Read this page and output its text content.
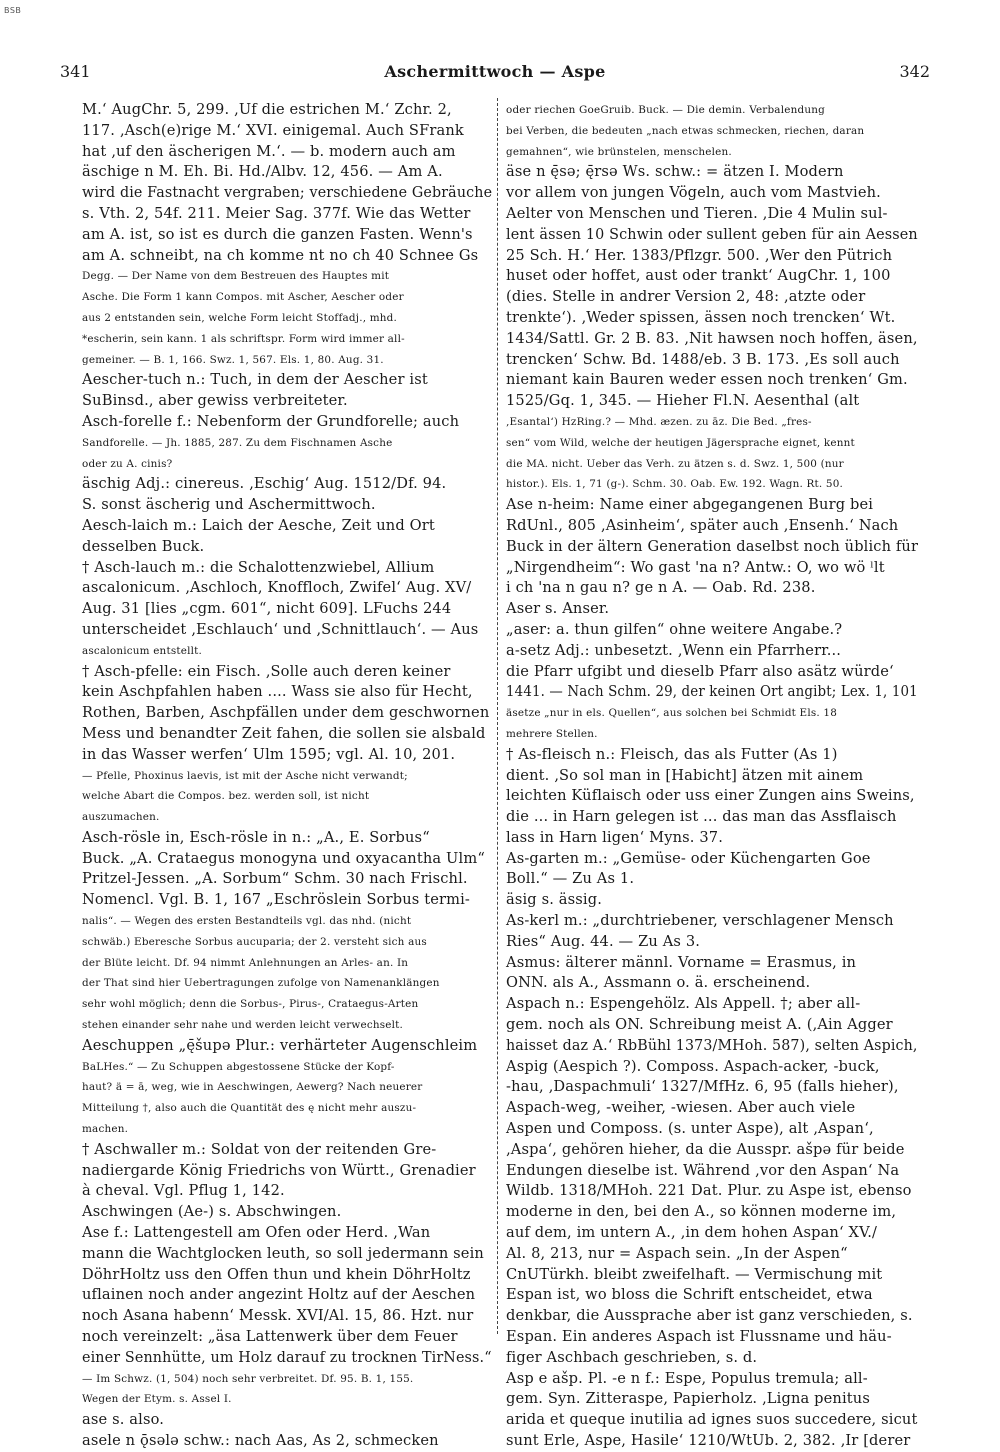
BSB
341	Aschermittwoch — Aspe	342
M.‘ AugChr. 5, 299. ‚Uf die estrichen M.‘ Zchr. 2,
117. ‚Asch(e)rige M.‘ XVI. einigemal. Auch SFrank
hat ‚uf den äscherigen M.‘. — b. modern auch am
äschige n M. Eh. Bi. Hd./Albv. 12, 456. — Am A.
wird die Fastnacht vergraben; verschiedene Gebräuche
s. Vth. 2, 54f. 211. Meier Sag. 377f. Wie das Wetter
am A. ist, so ist es durch die ganzen Fasten. Wenn's
am A. schneibt, na ch komme nt no ch 40 Schnee Gs
Degg. — Der Name von dem Bestreuen des Hauptes mit
Asche. Die Form 1 kann Compos. mit Ascher, Aescher oder
aus 2 entstanden sein, welche Form leicht Stoffadj., mhd.
*escherin, sein kann. 1 als schriftspr. Form wird immer all-
gemeiner. — B. 1, 166. Swz. 1, 567. Els. 1, 80. Aug. 31.
Aescher-tuch n.: Tuch, in dem der Aescher ist
SuBinsd., aber gewiss verbreiteter.
Asch-forelle f.: Nebenform der Grundforelle; auch
Sandforelle. — Jh. 1885, 287. Zu dem Fischnamen Asche
oder zu A. cinis?
äschig Adj.: cinereus. ‚Eschig‘ Aug. 1512/Df. 94.
S. sonst äscherig und Aschermittwoch.
Aesch-laich m.: Laich der Aesche, Zeit und Ort
desselben Buck.
† Asch-lauch m.: die Schalottenzwiebel, Allium
ascalonicum. ‚Aschloch, Knoffloch, Zwifel‘ Aug. XV/
Aug. 31 [lies „cgm. 601“, nicht 609]. LFuchs 244
unterscheidet ‚Eschlauch‘ und ‚Schnittlauch‘. — Aus
ascalonicum entstellt.
† Asch-pfelle: ein Fisch. ‚Solle auch deren keiner
kein Aschpfahlen haben .... Wass sie also für Hecht,
Rothen, Barben, Aschpfällen under dem geschwornen
Mess und benandter Zeit fahen, die sollen sie alsbald
in das Wasser werfen‘ Ulm 1595; vgl. Al. 10, 201.
— Pfelle, Phoxinus laevis, ist mit der Asche nicht verwandt;
welche Abart die Compos. bez. werden soll, ist nicht
auszumachen.
Asch-rösle in, Esch-rösle in n.: „A., E. Sorbus“
Buck. „A. Crataegus monogyna und oxyacantha Ulm“
Pritzel-Jessen. „A. Sorbum“ Schm. 30 nach Frischl.
Nomencl. Vgl. B. 1, 167 „Eschröslein Sorbus termi-
nalis“. — Wegen des ersten Bestandteils vgl. das nhd. (nicht
schwäb.) Eberesche Sorbus aucuparia; der 2. versteht sich aus
der Blüte leicht. Df. 94 nimmt Anlehnungen an Arles- an. In
der That sind hier Uebertragungen zufolge von Namenanklängen
sehr wohl möglich; denn die Sorbus-, Pirus-, Crataegus-Arten
stehen einander sehr nahe und werden leicht verwechselt.
Aeschuppen „ę̄šupə Plur.: verhärteter Augenschleim
BaLHes.“ — Zu Schuppen abgestossene Stücke der Kopf-
haut? ä = ā, weg, wie in Aeschwingen, Aewerg? Nach neuerer
Mitteilung †, also auch die Quantität des ę nicht mehr auszu-
machen.
† Aschwaller m.: Soldat von der reitenden Gre-
nadiergarde König Friedrichs von Württ., Grenadier
à cheval. Vgl. Pflug 1, 142.
Aschwingen (Ae-) s. Abschwingen.
Ase f.: Lattengestell am Ofen oder Herd. ‚Wan
mann die Wachtglocken leuth, so soll jedermann sein
DöhrHoltz uss den Offen thun und khein DöhrHoltz
uflainen noch ander angezint Holtz auf der Aeschen
noch Asana habenn‘ Messk. XVI/Al. 15, 86. Hzt. nur
noch vereinzelt: „äsa Lattenwerk über dem Feuer
einer Sennhütte, um Holz darauf zu trocknen TirNess.“
— Im Schwz. (1, 504) noch sehr verbreitet. Df. 95. B. 1, 155.
Wegen der Etym. s. Assel I.
ase s. also.
asele n ǭsələ schw.: nach Aas, As 2, schmecken
oder riechen GoeGruib. Buck. — Die demin. Verbalendung
bei Verben, die bedeuten „nach etwas schmecken, riechen, daran
gemahnen“, wie brünstelen, menschelen.
äse n ę̄sə; ę̄rsə Ws. schw.: = ätzen I. Modern
vor allem von jungen Vögeln, auch vom Mastvieh.
Aelter von Menschen und Tieren. ‚Die 4 Mulin sul-
lent ässen 10 Schwin oder sullent geben für ain Aessen
25 Sch. H.‘ Her. 1383/Pflzgr. 500. ‚Wer den Pütrich
huset oder hoffet, aust oder trankt‘ AugChr. 1, 100
(dies. Stelle in andrer Version 2, 48: ‚atzte oder
trenkte‘). ‚Weder spissen, ässen noch trencken‘ Wt.
1434/Sattl. Gr. 2 B. 83. ‚Nit hawsen noch hoffen, äsen,
trencken‘ Schw. Bd. 1488/eb. 3 B. 173. ‚Es soll auch
niemant kain Bauren weder essen noch trenken‘ Gm.
1525/Gq. 1, 345. — Hieher Fl.N. Aesenthal (alt
‚Esantal‘) HzRing.? — Mhd. æzen. zu āz. Die Bed. „fres-
sen“ vom Wild, welche der heutigen Jägersprache eignet, kennt
die MA. nicht. Ueber das Verh. zu ätzen s. d. Swz. 1, 500 (nur
histor.). Els. 1, 71 (g-). Schm. 30. Oab. Ew. 192. Wagn. Rt. 50.
Ase n-heim: Name einer abgegangenen Burg bei
RdUnl., 805 ‚Asinheim‘, später auch ‚Ensenh.‘ Nach
Buck in der ältern Generation daselbst noch üblich für
„Nirgendheim“: Wo gast 'na n? Antw.: O, wo wö ˡlt
i ch 'na n gau n? ge n A. — Oab. Rd. 238.
Aser s. Anser.
„aser: a. thun gilfen“ ohne weitere Angabe.?
a-setz Adj.: unbesetzt. ‚Wenn ein Pfarrherr...
die Pfarr ufgibt und dieselb Pfarr also asätz würde‘
1441. — Nach Schm. 29, der keinen Ort angibt; Lex. 1, 101
äsetze „nur in els. Quellen“, aus solchen bei Schmidt Els. 18
mehrere Stellen.
† As-fleisch n.: Fleisch, das als Futter (As 1)
dient. ‚So sol man in [Habicht] ätzen mit ainem
leichten Küflaisch oder uss einer Zungen ains Sweins,
die ... in Harn gelegen ist ... das man das Assflaisch
lass in Harn ligen‘ Myns. 37.
As-garten m.: „Gemüse- oder Küchengarten Goe
Boll.“ — Zu As 1.
äsig s. ässig.
As-kerl m.: „durchtriebener, verschlagener Mensch
Ries“ Aug. 44. — Zu As 3.
Asmus: älterer männl. Vorname = Erasmus, in
ONN. als A., Assmann o. ä. erscheinend.
Aspach n.: Espengehölz. Als Appell. †; aber all-
gem. noch als ON. Schreibung meist A. (‚Ain Agger
haisset daz A.‘ RbBühl 1373/MHoh. 587), selten Aspich,
Aspig (Aespich ?). Composs. Aspach-acker, -buck,
-hau, ‚Daspachmuli‘ 1327/MfHz. 6, 95 (falls hieher),
Aspach-weg, -weiher, -wiesen. Aber auch viele
Aspen und Composs. (s. unter Aspe), alt ‚Aspan‘,
‚Aspa‘, gehören hieher, da die Ausspr. ašpə für beide
Endungen dieselbe ist. Während ‚vor den Aspan‘ Na
Wildb. 1318/MHoh. 221 Dat. Plur. zu Aspe ist, ebenso
moderne in den, bei den A., so können moderne im,
auf dem, im untern A., ‚in dem hohen Aspan‘ XV./
Al. 8, 213, nur = Aspach sein. „In der Aspen“
CnUTürkh. bleibt zweifelhaft. — Vermischung mit
Espan ist, wo bloss die Schrift entscheidet, etwa
denkbar, die Aussprache aber ist ganz verschieden, s.
Espan. Ein anderes Aspach ist Flussname und häu-
figer Aschbach geschrieben, s. d.
Asp e ašp. Pl. -e n f.: Espe, Populus tremula; all-
gem. Syn. Zitteraspe, Papierholz. ‚Ligna penitus
arida et queque inutilia ad ignes suos succedere, sicut
sunt Erle, Aspe, Hasile‘ 1210/WtUb. 2, 382. ‚Ir [derer
